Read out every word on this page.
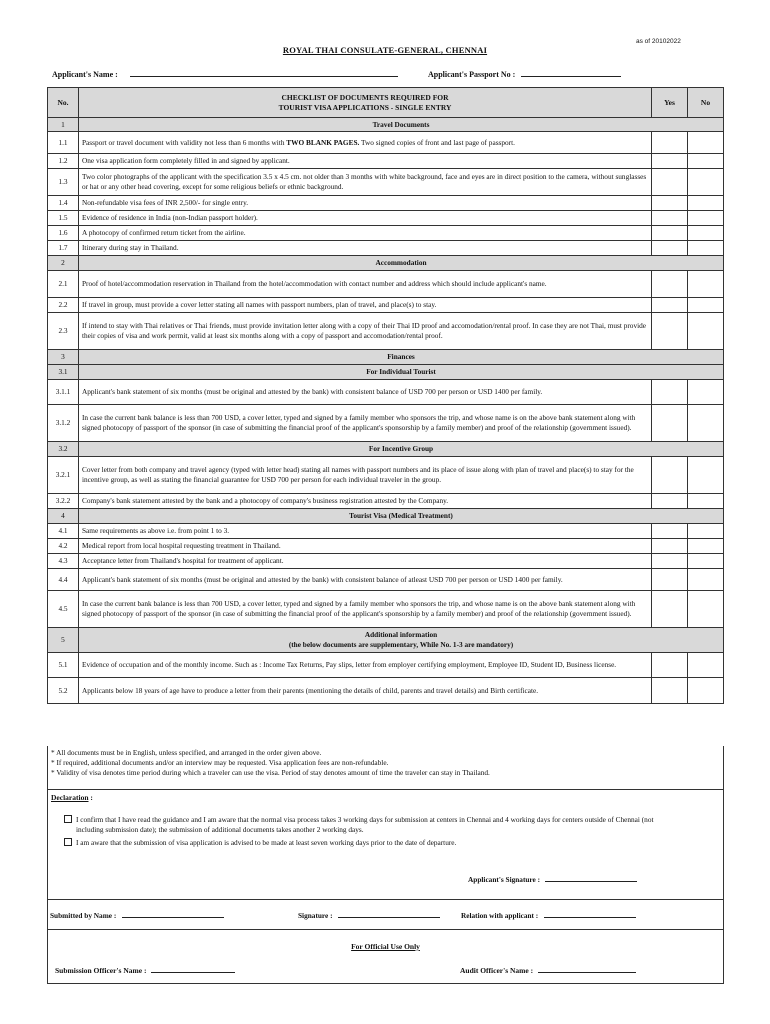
as of 20102022
ROYAL THAI CONSULATE-GENERAL, CHENNAI
Applicant's Name :	Applicant's Passport No :
No.	CHECKLIST OF DOCUMENTS REQUIRED FOR
TOURIST VISA APPLICATIONS - SINGLE ENTRY	Yes	No
1	Travel Documents		
1.1	Passport or travel document with validity not less than 6 months with TWO BLANK PAGES. Two signed copies of front and last page of passport.		
1.2	One visa application form completely filled in and signed by applicant.		
1.3	Two color photographs of the applicant with the specification 3.5 x 4.5 cm. not older than 3 months with white background, face and eyes are in direct position to the camera, without sunglasses or hat or any other head covering, except for some religious beliefs or ethnic background.		
1.4	Non-refundable visa fees of INR 2,500/- for single entry.		
1.5	Evidence of residence in India (non-Indian passport holder).		
1.6	A photocopy of confirmed return ticket from the airline.		
1.7	Itinerary during stay in Thailand.		
2	Accommodation		
2.1	Proof of hotel/accommodation reservation in Thailand from the hotel/accommodation with contact number and address which should include applicant's name.		
2.2	If travel in group, must provide a cover letter stating all names with passport numbers, plan of travel, and place(s) to stay.		
2.3	If intend to stay with Thai relatives or Thai friends, must provide invitation letter along with a copy of their Thai ID proof and accomodation/rental proof. In case they are not Thai, must provide their copies of visa and work permit, valid at least six months along with a copy of passport and accomodation/rental proof.		
3	Finances		
3.1	For Individual Tourist		
3.1.1	Applicant's bank statement of six months (must be original and attested by the bank) with consistent balance of USD 700 per person or USD 1400 per family.		
3.1.2	In case the current bank balance is less than 700 USD, a cover letter, typed and signed by a family member who sponsors the trip, and whose name is on the above bank statement along with signed photocopy of passport of the sponsor (in case of submitting the financial proof of the applicant's sponsorship by a family member) and proof of the relationship (government issued).		
3.2	For Incentive Group		
3.2.1	Cover letter from both company and travel agency (typed with letter head) stating all names with passport numbers and its place of issue along with plan of travel and place(s) to stay for the incentive group, as well as stating the financial guarantee for USD 700 per person for each individual traveler in the group.		
3.2.2	Company's bank statement attested by the bank and a photocopy of company's business registration attested by the Company.		
4	Tourist Visa (Medical Treatment)		
4.1	Same requirements as above i.e. from point 1 to 3.		
4.2	Medical report from local hospital requesting treatment in Thailand.		
4.3	Acceptance letter from Thailand's hospital for treatment of applicant.		
4.4	Applicant's bank statement of six months (must be original and attested by the bank) with consistent balance of atleast USD 700 per person or USD 1400 per family.		
4.5	In case the current bank balance is less than 700 USD, a cover letter, typed and signed by a family member who sponsors the trip, and whose name is on the above bank statement along with signed photocopy of passport of the sponsor (in case of submitting the financial proof of the applicant's sponsorship by a family member) and proof of the relationship (government issued).		
5	Additional information
(the below documents are supplementary, While No. 1-3 are mandatory)		

5.1	Evidence of occupation and of the monthly income. Such as : Income Tax Returns, Pay slips, letter from employer certifying employment, Employee ID, Student ID, Business license.		
5.2	Applicants below 18 years of age have to produce a letter from their parents (mentioning the details of child, parents and travel details) and Birth certificate.		
* All documents must be in English, unless specified, and arranged in the order given above.
* If required, additional documents and/or an interview may be requested. Visa application fees are non-refundable.
* Validity of visa denotes time period during which a traveler can use the visa. Period of stay denotes amount of time the traveler can stay in Thailand.
Declaration :
I confirm that I have read the guidance and I am aware that the normal visa process takes 3 working days for submission at centers in Chennai and 4 working days for centers outside of Chennai (not including submission date); the submission of additional documents takes another 2 working days.
I am aware that the submission of visa application is advised to be made at least seven working days prior to the date of departure.
Applicant's Signature :
Submitted by Name :	Signature :	Relation with applicant :
For Official Use Only
Submission Officer's Name :	Audit Officer's Name :
